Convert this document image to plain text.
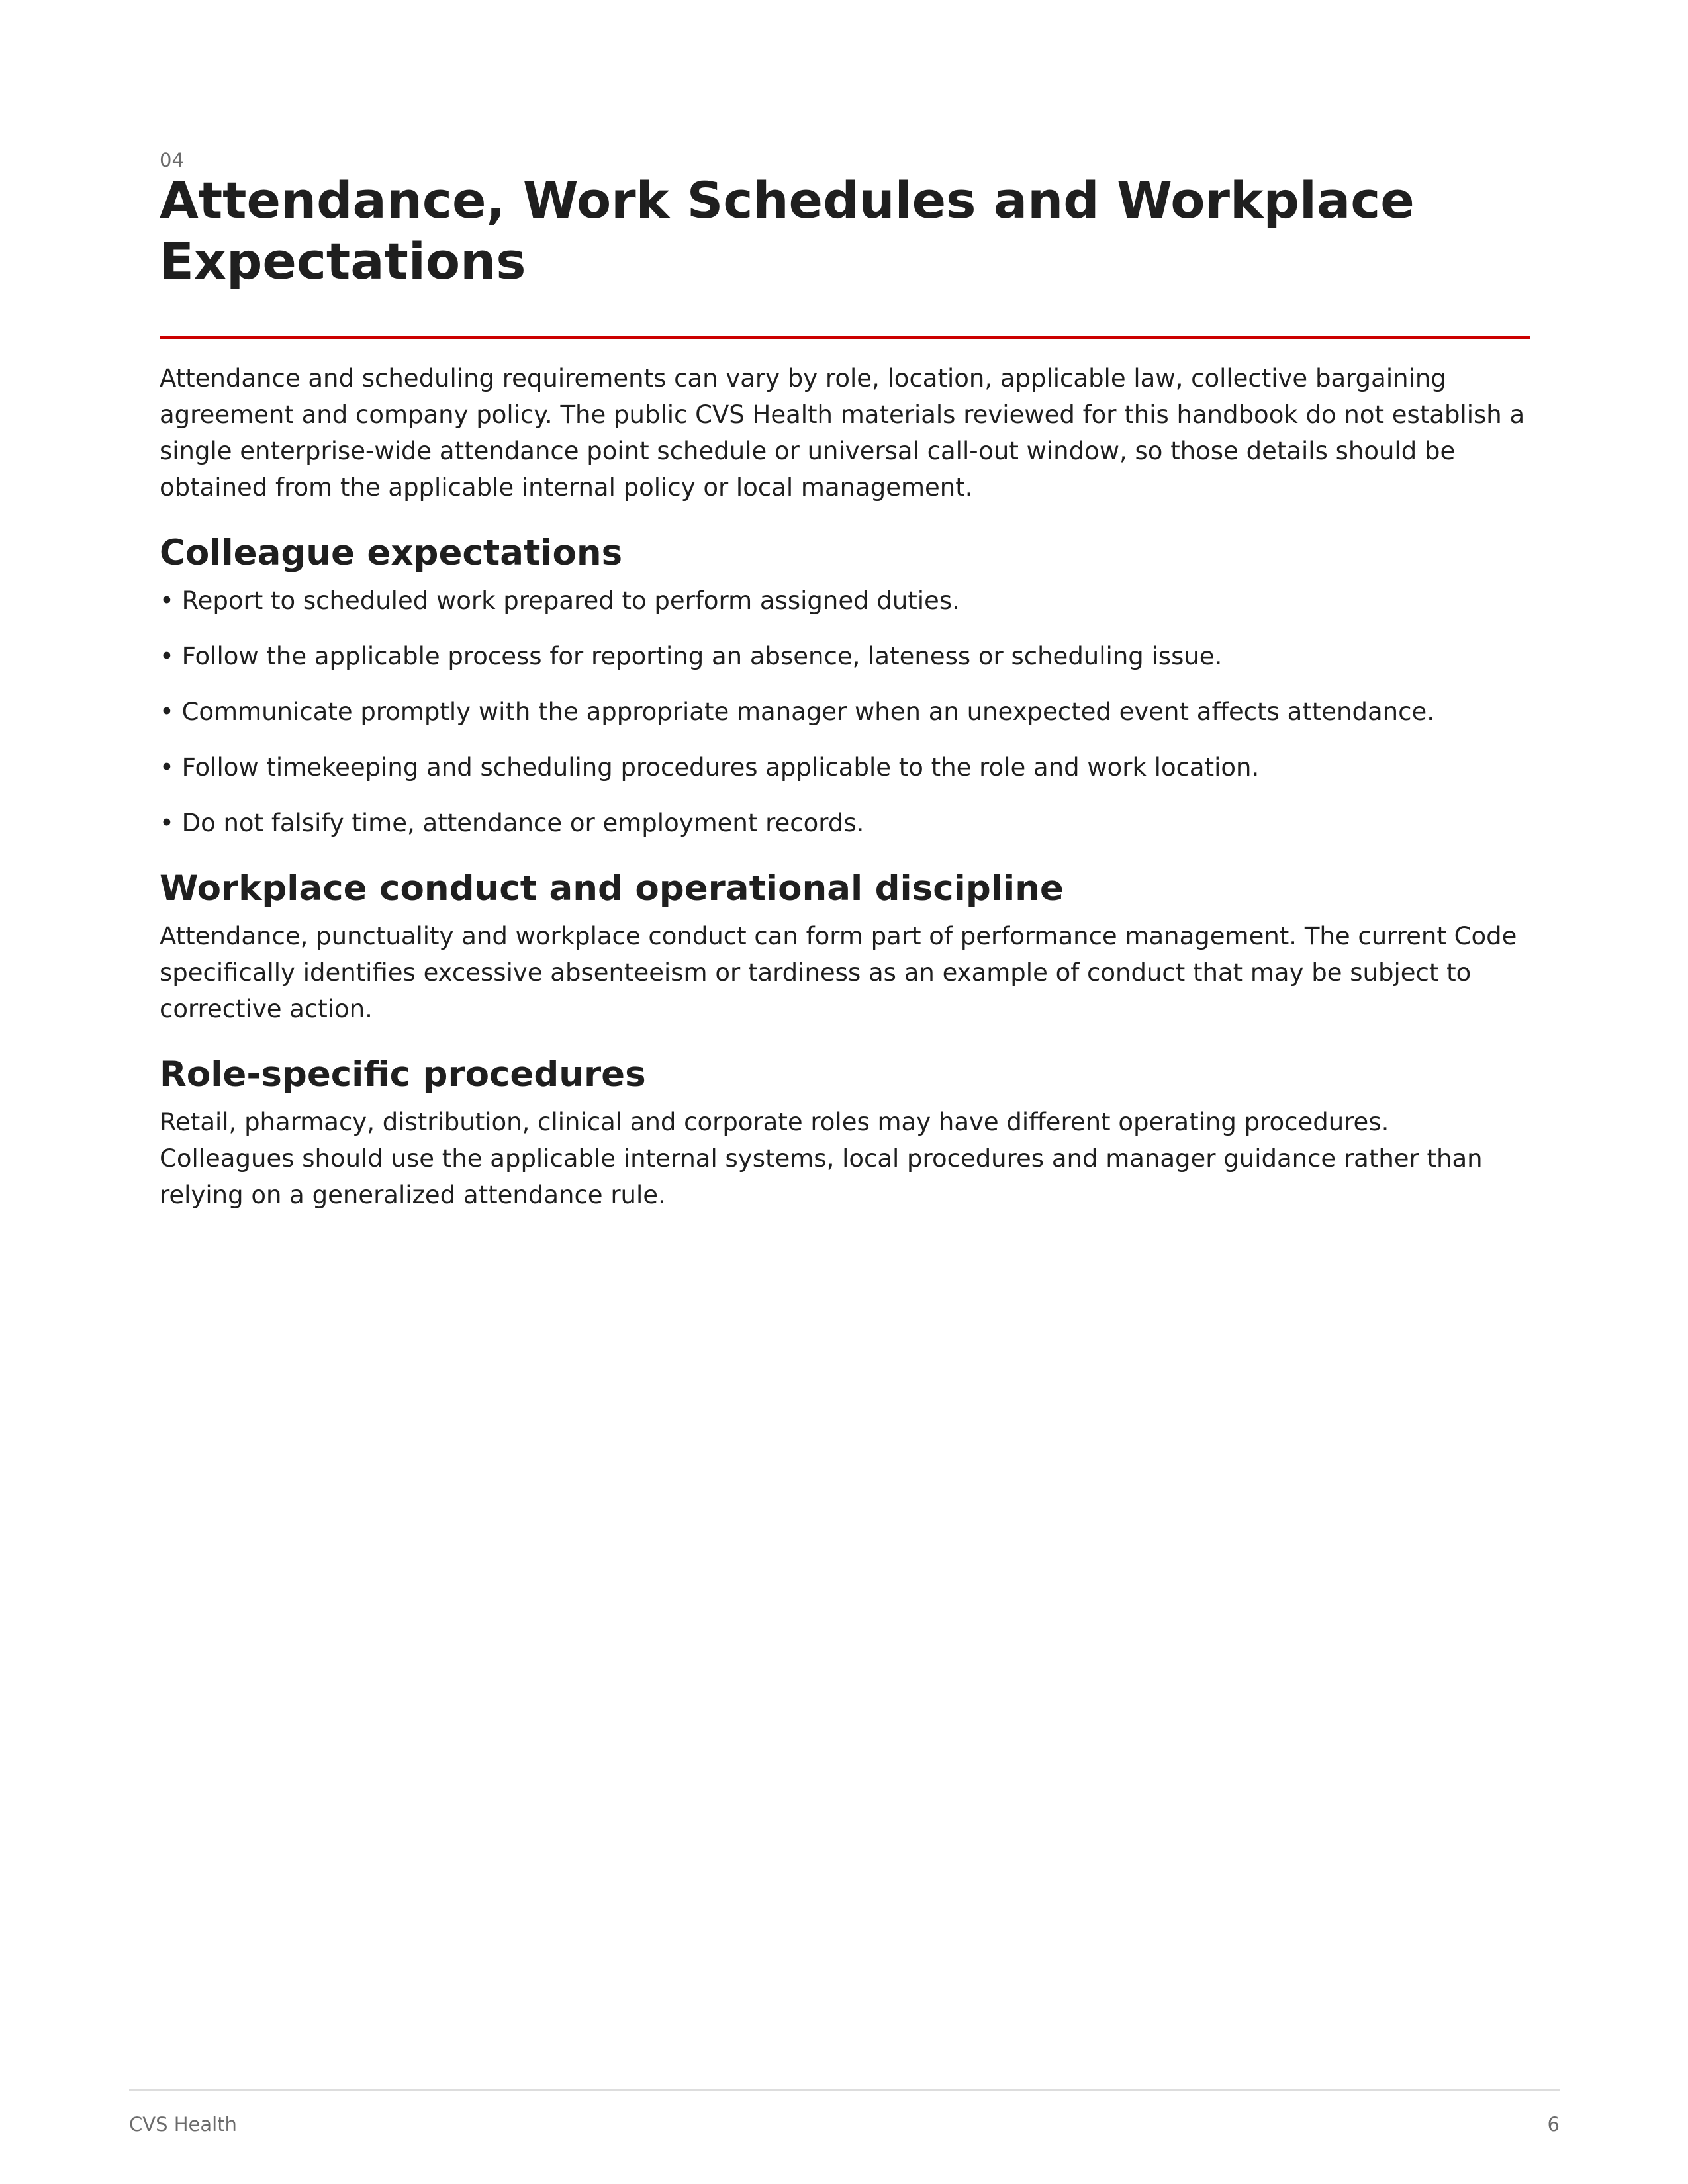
04

Attendance, Work Schedules and Workplace Expectations

Attendance and scheduling requirements can vary by role, location, applicable law, collective bargaining agreement and company policy. The public CVS Health materials reviewed for this handbook do not establish a single enterprise-wide attendance point schedule or universal call-out window, so those details should be obtained from the applicable internal policy or local management.

Colleague expectations

• Report to scheduled work prepared to perform assigned duties.

• Follow the applicable process for reporting an absence, lateness or scheduling issue.

• Communicate promptly with the appropriate manager when an unexpected event affects attendance.

• Follow timekeeping and scheduling procedures applicable to the role and work location.

• Do not falsify time, attendance or employment records.

Workplace conduct and operational discipline

Attendance, punctuality and workplace conduct can form part of performance management. The current Code specifically identifies excessive absenteeism or tardiness as an example of conduct that may be subject to corrective action.

Role-specific procedures

Retail, pharmacy, distribution, clinical and corporate roles may have different operating procedures. Colleagues should use the applicable internal systems, local procedures and manager guidance rather than relying on a generalized attendance rule.

CVS Health	6
